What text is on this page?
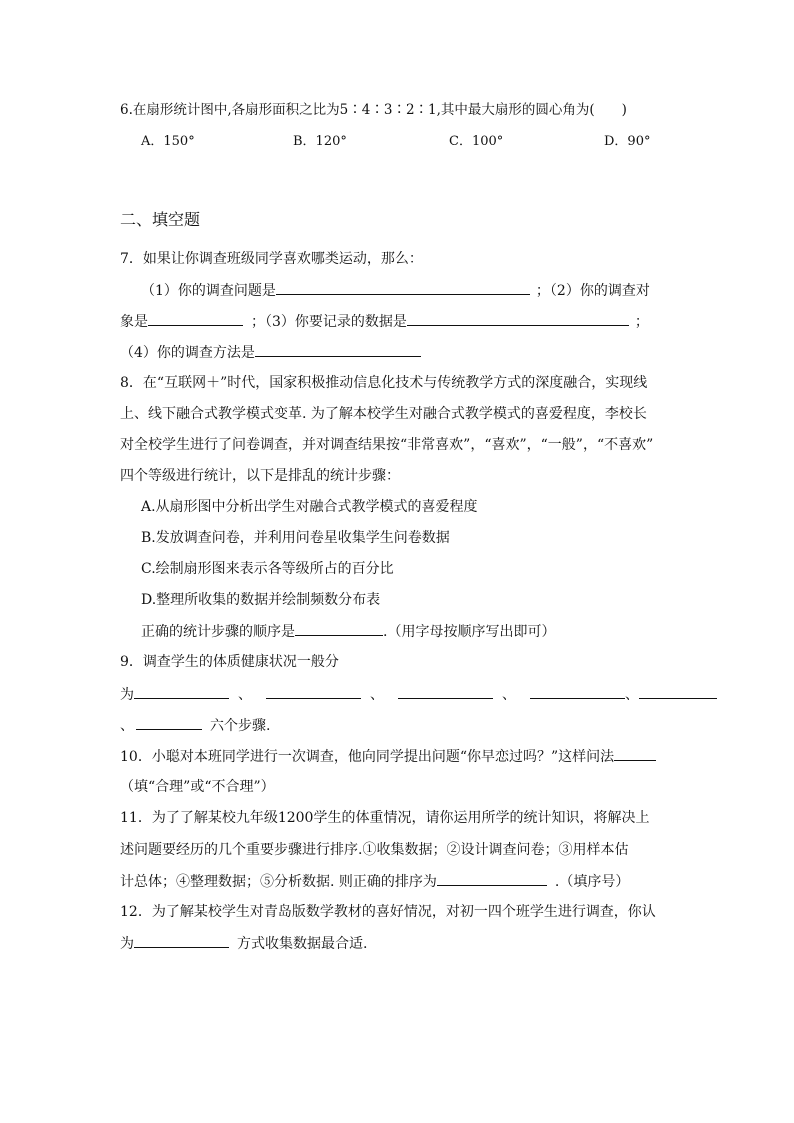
6.在扇形统计图中,各扇形面积之比为5∶4∶3∶2∶1,其中最大扇形的圆心角为(　　)
A．150°	B．120°	C．100°	D．90°
二、填空题
7．如果让你调查班级同学喜欢哪类运动，那么：
（1）你的调查问题是	；（2）你的调查对
象是	；（3）你要记录的数据是	；
（4）你的调查方法是
8．在“互联网＋”时代，国家积极推动信息化技术与传统教学方式的深度融合，实现线
上、线下融合式教学模式变革. 为了解本校学生对融合式教学模式的喜爱程度，李校长
对全校学生进行了问卷调查，并对调查结果按“非常喜欢”，“喜欢”，“一般”，“不喜欢”
四个等级进行统计，以下是排乱的统计步骤：
A.从扇形图中分析出学生对融合式教学模式的喜爱程度
B.发放调查问卷，并利用问卷星收集学生问卷数据
C.绘制扇形图来表示各等级所占的百分比
D.整理所收集的数据并绘制频数分布表
正确的统计步骤的顺序是	.（用字母按顺序写出即可）
9．调查学生的体质健康状况一般分
为	、	、	、	、
、	六个步骤.
10．小聪对本班同学进行一次调查，他向同学提出问题“你早恋过吗？”这样问法
（填“合理”或“不合理”）
11．为了了解某校九年级1200学生的体重情况，请你运用所学的统计知识，将解决上
述问题要经历的几个重要步骤进行排序.①收集数据；②设计调查问卷；③用样本估
计总体；④整理数据；⑤分析数据. 则正确的排序为	.（填序号）
12．为了解某校学生对青岛版数学教材的喜好情况，对初一四个班学生进行调查，你认
为	方式收集数据最合适.
